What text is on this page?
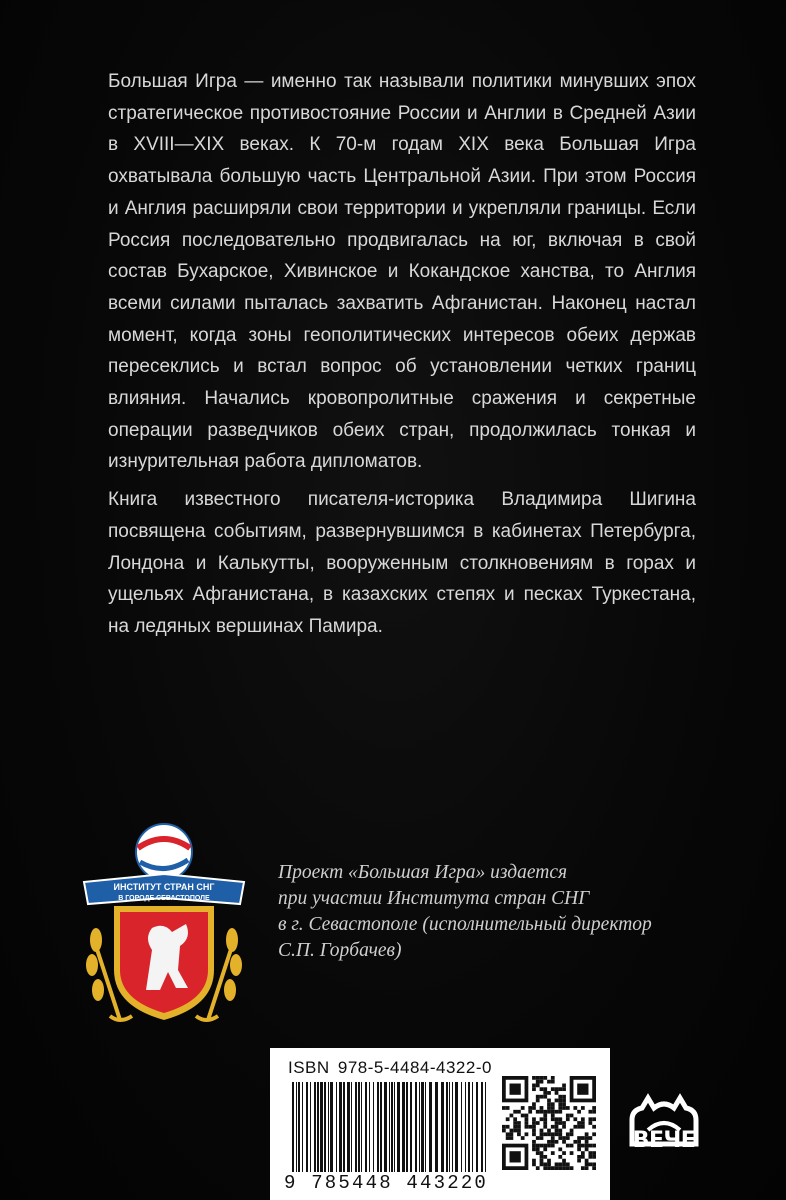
Большая Игра — именно так называли политики минувших эпох стратегическое противостояние России и Англии в Средней Азии в XVIII—XIX веках. К 70-м годам XIX века Большая Игра охватывала большую часть Центральной Азии. При этом Россия и Англия расширяли свои территории и укрепляли границы. Если Россия последовательно продвигалась на юг, включая в свой состав Бухарское, Хивинское и Кокандское ханства, то Англия всеми силами пыталась захватить Афганистан. Наконец настал момент, когда зоны геополитических интересов обеих держав пересеклись и встал вопрос об установлении четких границ влияния. Начались кровопролитные сражения и секретные операции разведчиков обеих стран, продолжилась тонкая и изнурительная работа дипломатов.

Книга известного писателя-историка Владимира Шигина посвящена событиям, развернувшимся в кабинетах Петербурга, Лондона и Калькутты, вооруженным столкновениям в горах и ущельях Афганистана, в казахских степях и песках Туркестана, на ледяных вершинах Памира.

ИНСТИТУТ СТРАН СНГ
В ГОРОДЕ СЕВАСТОПОЛЕ
Проект «Большая Игра» издается
при участии Института стран СНГ
в г. Севастополе (исполнительный директор
С.П. Горбачев)
ISBN 978-5-4484-4322-0
9 785448 443220
ВЕЧЕ
